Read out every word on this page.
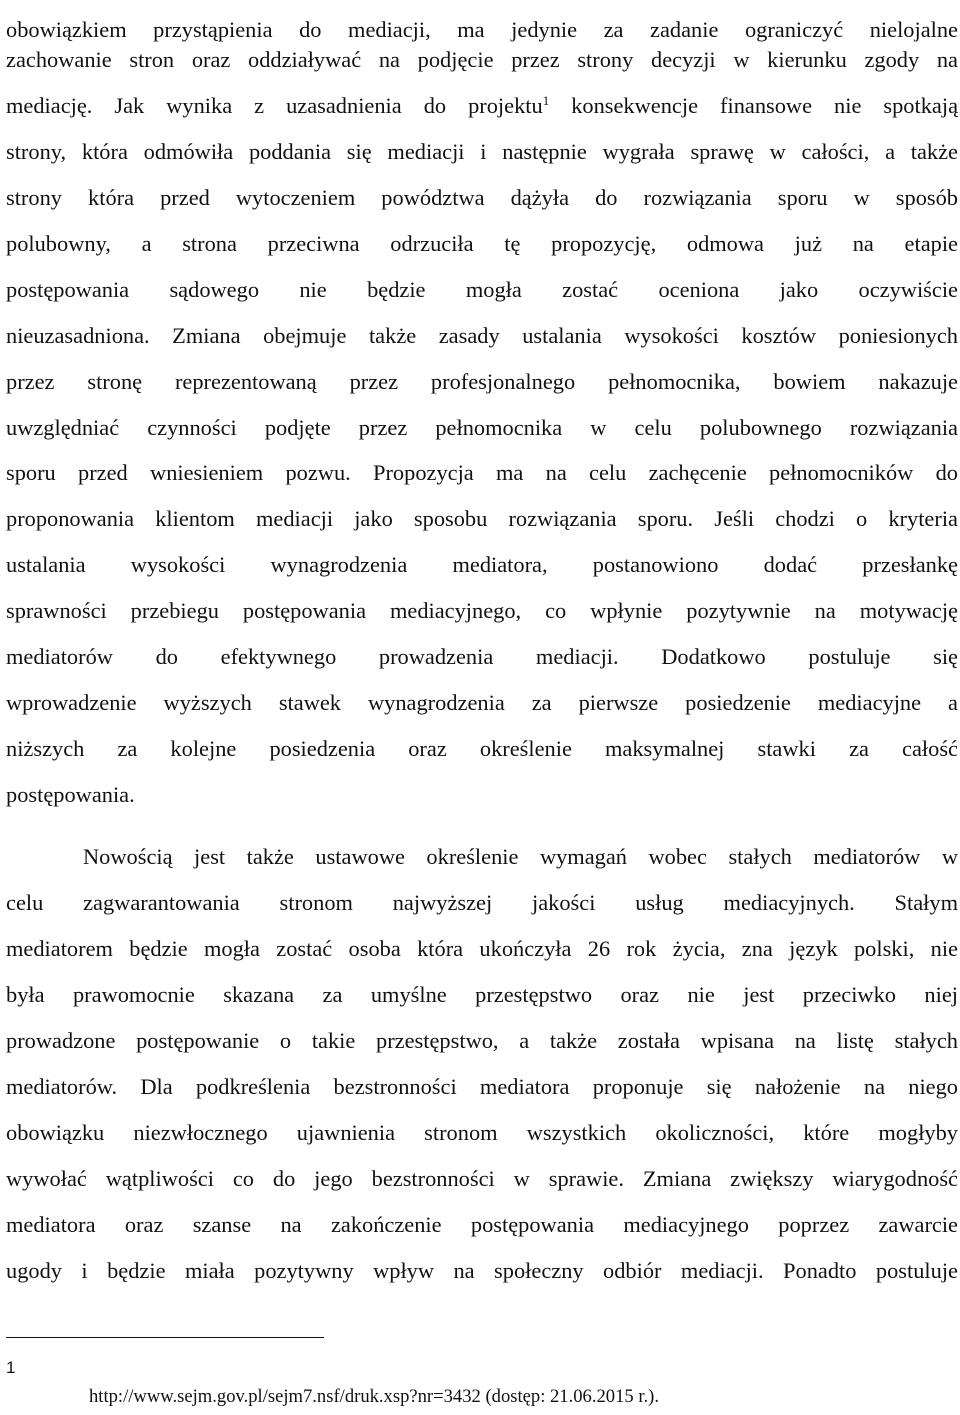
obowiązkiem przystąpienia do mediacji, ma jedynie za zadanie ograniczyć nielojalne
zachowanie stron oraz oddziaływać na podjęcie przez strony decyzji w kierunku zgody na
mediację. Jak wynika z uzasadnienia do projektu$^1$ konsekwencje finansowe nie spotkają
strony, która odmówiła poddania się mediacji i następnie wygrała sprawę w całości, a także
strony która przed wytoczeniem powództwa dążyła do rozwiązania sporu w sposób
polubowny, a strona przeciwna odrzuciła tę propozycję, odmowa już na etapie
postępowania sądowego nie będzie mogła zostać oceniona jako oczywiście
nieuzasadniona. Zmiana obejmuje także zasady ustalania wysokości kosztów poniesionych
przez stronę reprezentowaną przez profesjonalnego pełnomocnika, bowiem nakazuje
uwzględniać czynności podjęte przez pełnomocnika w celu polubownego rozwiązania
sporu przed wniesieniem pozwu. Propozycja ma na celu zachęcenie pełnomocników do
proponowania klientom mediacji jako sposobu rozwiązania sporu. Jeśli chodzi o kryteria
ustalania wysokości wynagrodzenia mediatora, postanowiono dodać przesłankę
sprawności przebiegu postępowania mediacyjnego, co wpłynie pozytywnie na motywację
mediatorów do efektywnego prowadzenia mediacji. Dodatkowo postuluje się
wprowadzenie wyższych stawek wynagrodzenia za pierwsze posiedzenie mediacyjne a
niższych za kolejne posiedzenia oraz określenie maksymalnej stawki za całość
postępowania.
Nowością jest także ustawowe określenie wymagań wobec stałych mediatorów w
celu zagwarantowania stronom najwyższej jakości usług mediacyjnych. Stałym
mediatorem będzie mogła zostać osoba która ukończyła 26 rok życia, zna język polski, nie
była prawomocnie skazana za umyślne przestępstwo oraz nie jest przeciwko niej
prowadzone postępowanie o takie przestępstwo, a także została wpisana na listę stałych
mediatorów. Dla podkreślenia bezstronności mediatora proponuje się nałożenie na niego
obowiązku niezwłocznego ujawnienia stronom wszystkich okoliczności, które mogłyby
wywołać wątpliwości co do jego bezstronności w sprawie. Zmiana zwiększy wiarygodność
mediatora oraz szanse na zakończenie postępowania mediacyjnego poprzez zawarcie
ugody i będzie miała pozytywny wpływ na społeczny odbiór mediacji. Ponadto postuluje
1
http://www.sejm.gov.pl/sejm7.nsf/druk.xsp?nr=3432 (dostęp: 21.06.2015 r.).
